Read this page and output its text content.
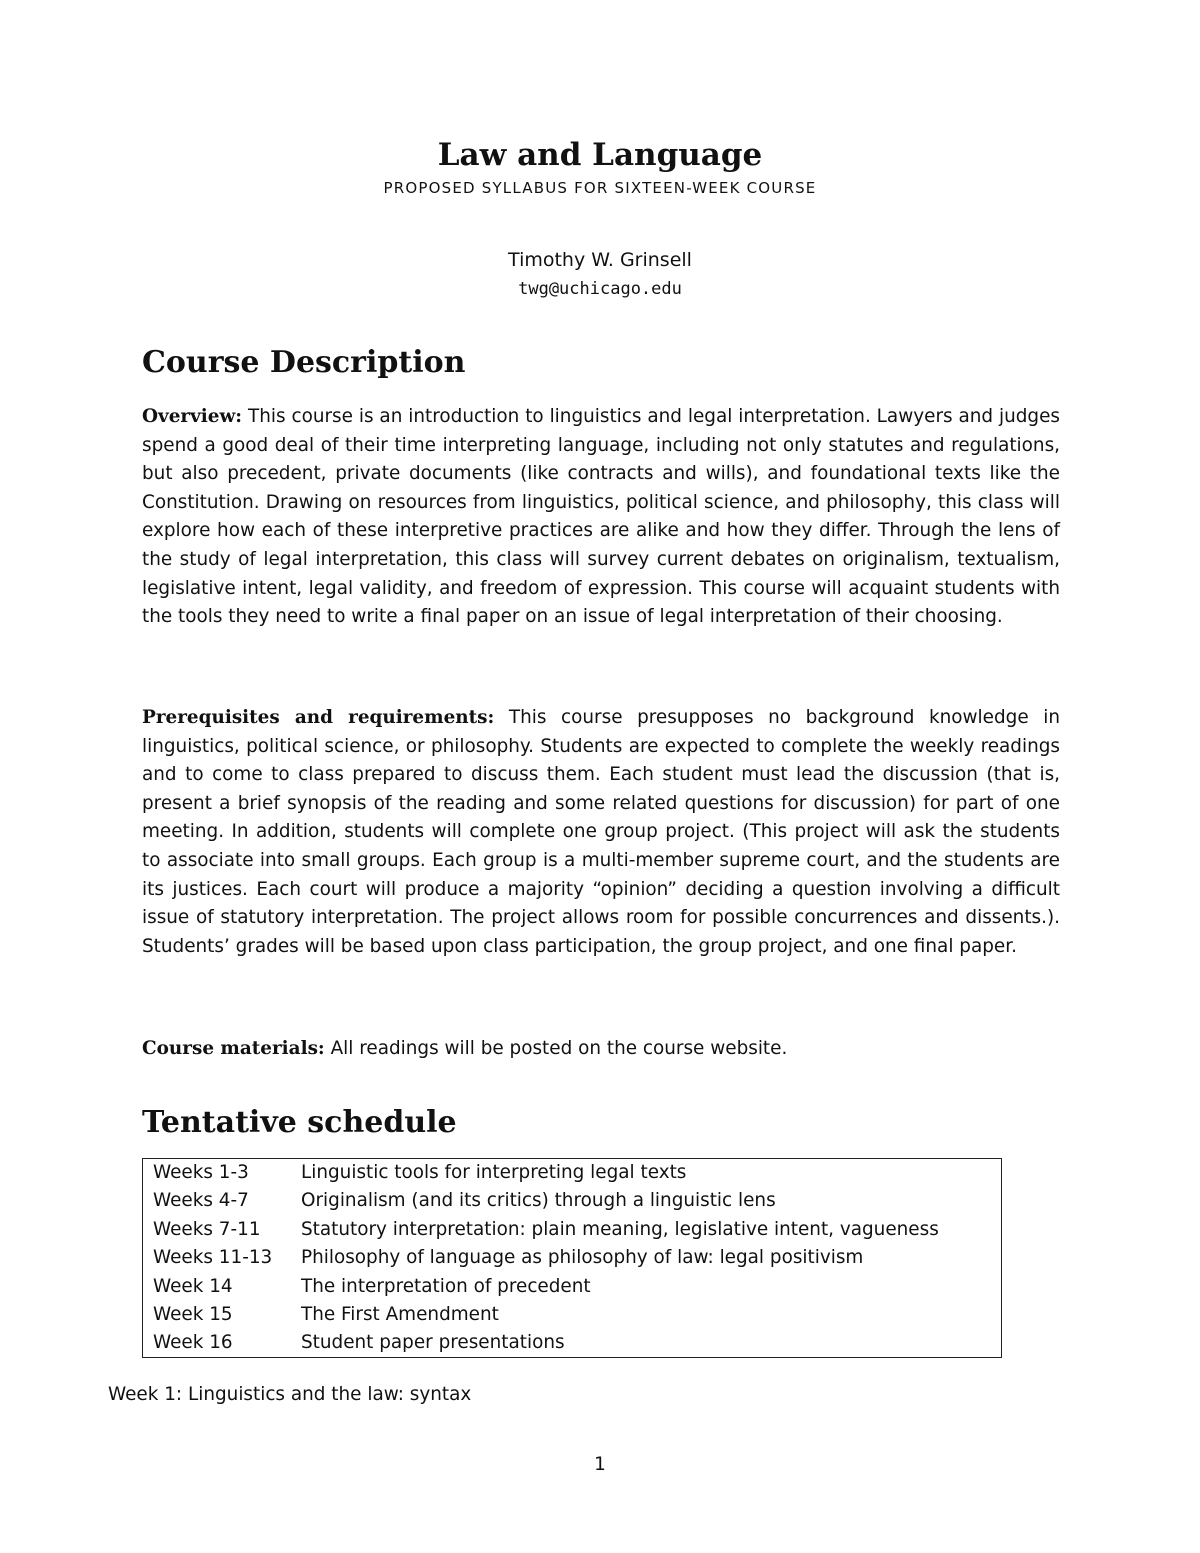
Law and Language
PROPOSED SYLLABUS FOR SIXTEEN-WEEK COURSE
Timothy W. Grinsell
twg@uchicago.edu
Course Description
Overview: This course is an introduction to linguistics and legal interpretation. Lawyers and judges spend a good deal of their time interpreting language, including not only statutes and regulations, but also precedent, private documents (like contracts and wills), and foundational texts like the Constitution. Drawing on resources from linguistics, political science, and philosophy, this class will explore how each of these interpretive practices are alike and how they differ. Through the lens of the study of legal interpretation, this class will survey current debates on originalism, textualism, legislative intent, legal validity, and freedom of expression. This course will acquaint students with the tools they need to write a final paper on an issue of legal interpretation of their choosing.
Prerequisites and requirements: This course presupposes no background knowledge in linguistics, political science, or philosophy. Students are expected to complete the weekly readings and to come to class prepared to discuss them. Each student must lead the discussion (that is, present a brief synopsis of the reading and some related questions for discussion) for part of one meeting. In addition, students will complete one group project. (This project will ask the students to associate into small groups. Each group is a multi-member supreme court, and the students are its justices. Each court will produce a majority “opinion” deciding a question involving a difficult issue of statutory interpretation. The project allows room for possible concurrences and dissents.). Students’ grades will be based upon class participation, the group project, and one final paper.
Course materials: All readings will be posted on the course website.
Tentative schedule
Weeks 1-3	Linguistic tools for interpreting legal texts
Weeks 4-7	Originalism (and its critics) through a linguistic lens
Weeks 7-11 Statutory interpretation: plain meaning, legislative intent, vagueness
Weeks 11-13 Philosophy of language as philosophy of law: legal positivism
Week 14	The interpretation of precedent
Week 15	The First Amendment
Week 16	Student paper presentations
Week 1: Linguistics and the law: syntax
1
